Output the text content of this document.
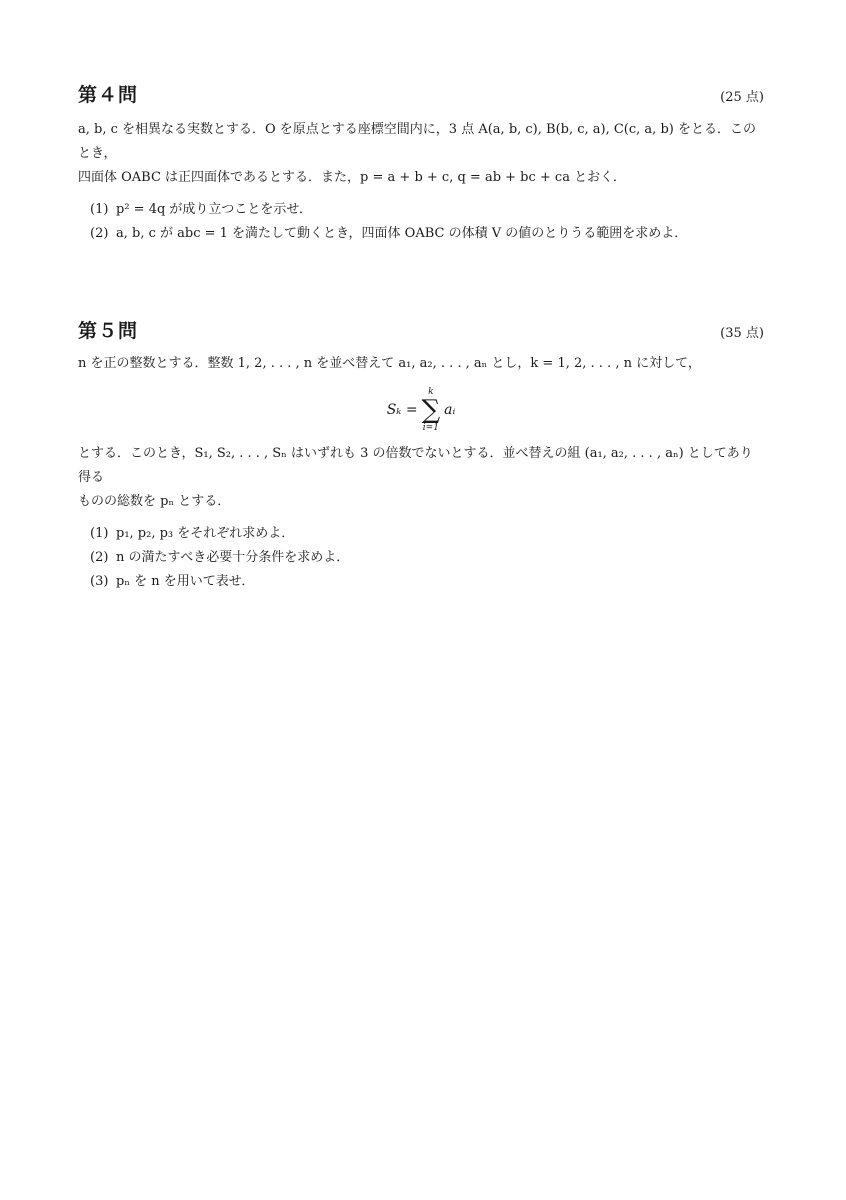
第４問	(25 点)
a, b, c を相異なる実数とする．O を原点とする座標空間内に，3 点 A(a, b, c), B(b, c, a), C(c, a, b) をとる．このとき，
四面体 OABC は正四面体であるとする．また，p = a + b + c, q = ab + bc + ca とおく．
(1) p² = 4q が成り立つことを示せ．
(2) a, b, c が abc = 1 を満たして動くとき，四面体 OABC の体積 V の値のとりうる範囲を求めよ．
第５問	(35 点)
n を正の整数とする．整数 1, 2, . . . , n を並べ替えて a₁, a₂, . . . , aₙ とし，k = 1, 2, . . . , n に対して，
Sₖ =
k
∑
i=1
aᵢ
とする．このとき，S₁, S₂, . . . , Sₙ はいずれも 3 の倍数でないとする．並べ替えの組 (a₁, a₂, . . . , aₙ) としてあり得る
ものの総数を pₙ とする．
(1) p₁, p₂, p₃ をそれぞれ求めよ．
(2) n の満たすべき必要十分条件を求めよ．
(3) pₙ を n を用いて表せ．
